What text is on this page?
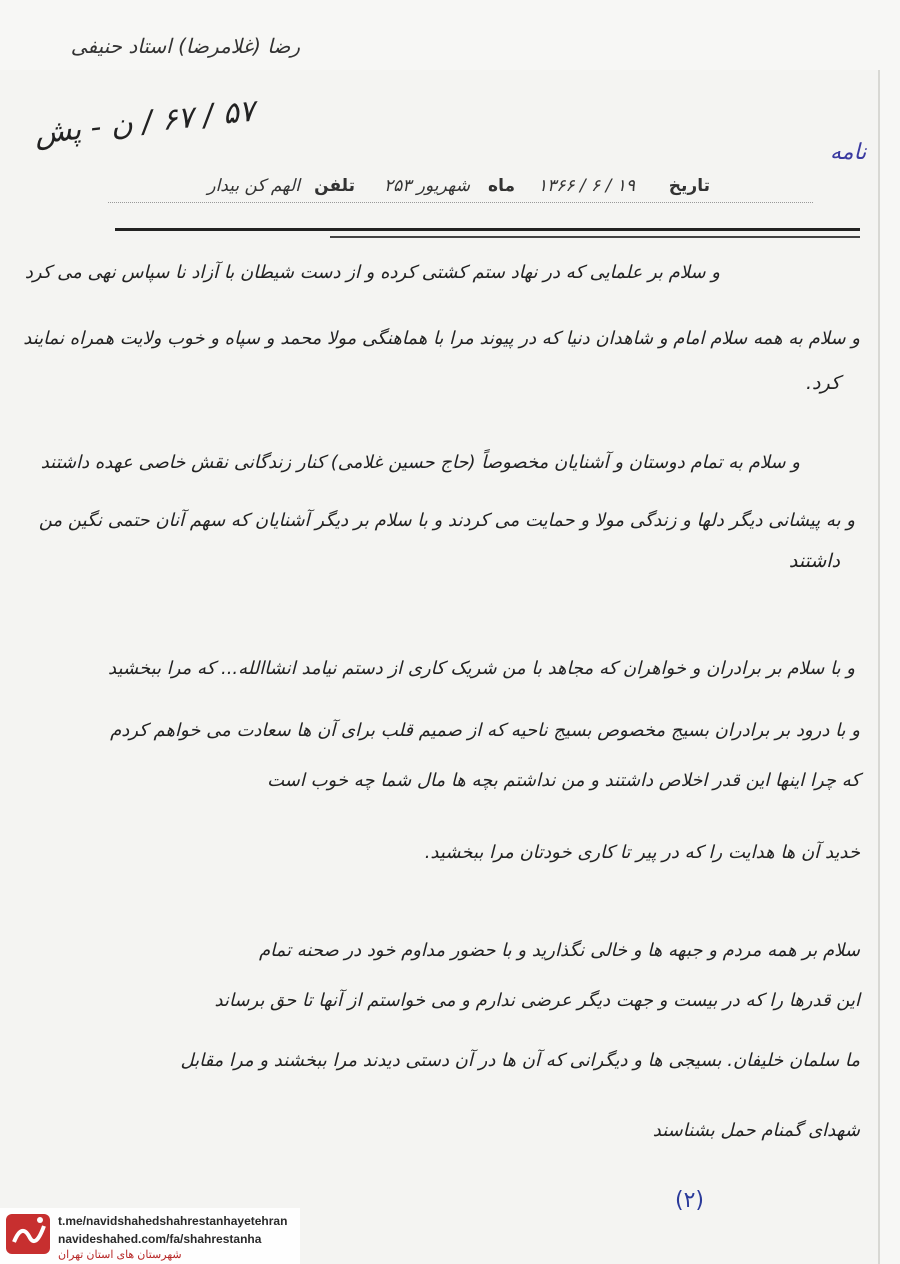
رضا (غلامرضا) استاد حنیفی
۵۷ / ۶۷ / ن - پش
نامه
تاریخ
۱۹ / ۶ / ۱۳۶۶
ماه
شهریور ۲۵۳
تلفن
الهم کن بیدار
و سلام بر علمایی که در نهاد ستم کشتی کرده و از دست شیطان با آزاد نا سپاس نهی می کرد
و سلام به همه سلام امام و شاهدان دنیا که در پیوند مرا با هماهنگی مولا محمد و سپاه و خوب ولایت همراه نمایند
کرد.
و سلام به تمام دوستان و آشنایان مخصوصاً (حاج حسین غلامی) کنار زندگانی نقش خاصی عهده داشتند
و به پیشانی دیگر دلها و زندگی مولا و حمایت می کردند و با سلام بر دیگر آشنایان که سهم آنان حتمی نگین من
داشتند
و با سلام بر برادران و خواهران که مجاهد با من شریک کاری از دستم نیامد انشاالله... که مرا ببخشید
و با درود بر برادران بسیج مخصوص بسیج ناحیه که از صمیم قلب برای آن ها سعادت می خواهم کردم
که چرا اینها این قدر اخلاص داشتند و من نداشتم بچه ها مال شما چه خوب است
خدید آن ها هدایت را که در پیر تا کاری خودتان مرا ببخشید.
سلام بر همه مردم و جبهه ها و خالی نگذارید و با حضور مداوم خود در صحنه تمام
این قدرها را که در بیست و جهت دیگر عرضی ندارم و می خواستم از آنها تا حق برساند
ما سلمان خلیفان. بسیجی ها و دیگرانی که آن ها در آن دستی دیدند مرا ببخشند و مرا مقابل
شهدای گمنام حمل بشناسند
(۲)
t.me/navidshahedshahrestanhayetehran
navideshahed.com/fa/shahrestanha
شهرستان های استان تهران
